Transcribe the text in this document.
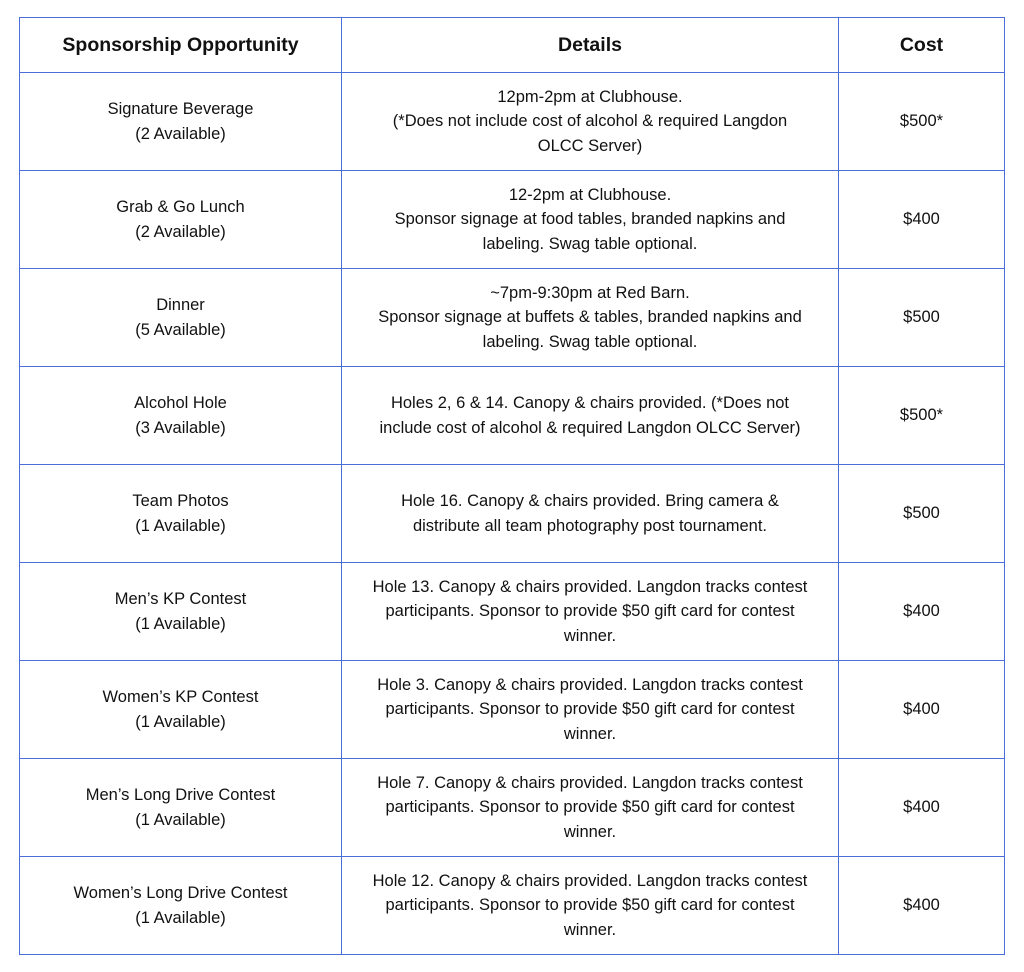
Sponsorship Opportunity	Details	Cost

Signature Beverage
(2 Available)	12pm-2pm at Clubhouse.
(*Does not include cost of alcohol & required Langdon
OLCC Server)	$500*

Grab & Go Lunch
(2 Available)	12-2pm at Clubhouse.
Sponsor signage at food tables, branded napkins and
labeling. Swag table optional.	$400

Dinner
(5 Available)	~7pm-9:30pm at Red Barn.
Sponsor signage at buffets & tables, branded napkins and
labeling. Swag table optional.	$500

Alcohol Hole
(3 Available)	Holes 2, 6 & 14. Canopy & chairs provided. (*Does not
include cost of alcohol & required Langdon OLCC Server)	$500*

Team Photos
(1 Available)	Hole 16. Canopy & chairs provided. Bring camera &
distribute all team photography post tournament.	$500

Men’s KP Contest
(1 Available)	Hole 13. Canopy & chairs provided. Langdon tracks contest
participants. Sponsor to provide $50 gift card for contest
winner.	$400

Women’s KP Contest
(1 Available)	Hole 3. Canopy & chairs provided. Langdon tracks contest
participants. Sponsor to provide $50 gift card for contest
winner.	$400

Men’s Long Drive Contest
(1 Available)	Hole 7. Canopy & chairs provided. Langdon tracks contest
participants. Sponsor to provide $50 gift card for contest
winner.	$400

Women’s Long Drive Contest
(1 Available)	Hole 12. Canopy & chairs provided. Langdon tracks contest
participants. Sponsor to provide $50 gift card for contest
winner.	$400
